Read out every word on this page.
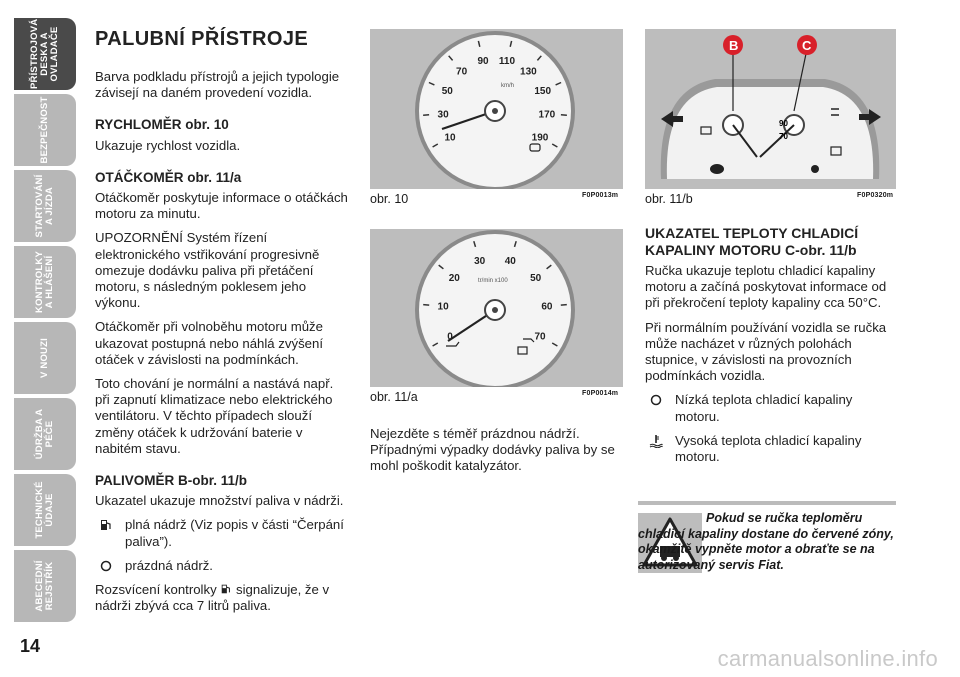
PŘÍSTROJOVÁ
DESKA A
OVLADAČE
BEZPEČNOST
STARTOVÁNÍ
A JÍZDA
KONTROLKY
A HLÁŠENÍ
V NOUZI
ÚDRŽBA A
PÉČE
TECHNICKÉ
ÚDAJE
ABECEDNÍ
REJSTŘÍK
14
PALUBNÍ PŘÍSTROJE
Barva podkladu přístrojů a jejich typologie závisejí na daném provedení vozidla.
RYCHLOMĚR obr. 10
Ukazuje rychlost vozidla.
OTÁČKOMĚR obr. 11/a
Otáčkoměr poskytuje informace o otáčkách motoru za minutu.
UPOZORNĚNÍ Systém řízení elektronického vstřikování progresivně omezuje dodávku paliva při přetáčení motoru, s následným poklesem jeho výkonu.
Otáčkoměr při volnoběhu motoru může ukazovat postupná nebo náhlá zvýšení otáček v závislosti na podmínkách.
Toto chování je normální a nastává např. při zapnutí klimatizace nebo elektrického ventilátoru. V těchto případech slouží změny otáček k udržování baterie v nabitém stavu.
PALIVOMĚR B-obr. 11/b
Ukazatel ukazuje množství paliva v nádrži.
plná nádrž (Viz popis v části “Čerpání paliva”).
prázdná nádrž.
Rozsvícení kontrolky signalizuje, že v nádrži zbývá cca 7 litrů paliva.
10
30
50
70
90 110
130
150
170
190
km/h
obr. 10	F0P0013m
0
10
20
30 40
50
60
70
tr/min x100
obr. 11/a	F0P0014m
Nejezděte s téměř prázdnou nádrží. Případnými výpadky dodávky paliva by se mohl poškodit katalyzátor.
90
70
B	C
obr. 11/b	F0P0320m
UKAZATEL TEPLOTY CHLADICÍ KAPALINY MOTORU C-obr. 11/b
Ručka ukazuje teplotu chladicí kapaliny motoru a začíná poskytovat informace od při překročení teploty kapaliny cca 50°C.
Při normálním používání vozidla se ručka může nacházet v různých polohách stupnice, v závislosti na provozních podmínkách vozidla.
Nízká teplota chladicí kapaliny motoru.
Vysoká teplota chladicí kapaliny motoru.
Pokud se ručka teploměru chladicí kapaliny dostane do červené zóny, okamžitě vypněte motor a obraťte se na autorizovaný servis Fiat.
carmanualsonline.info
